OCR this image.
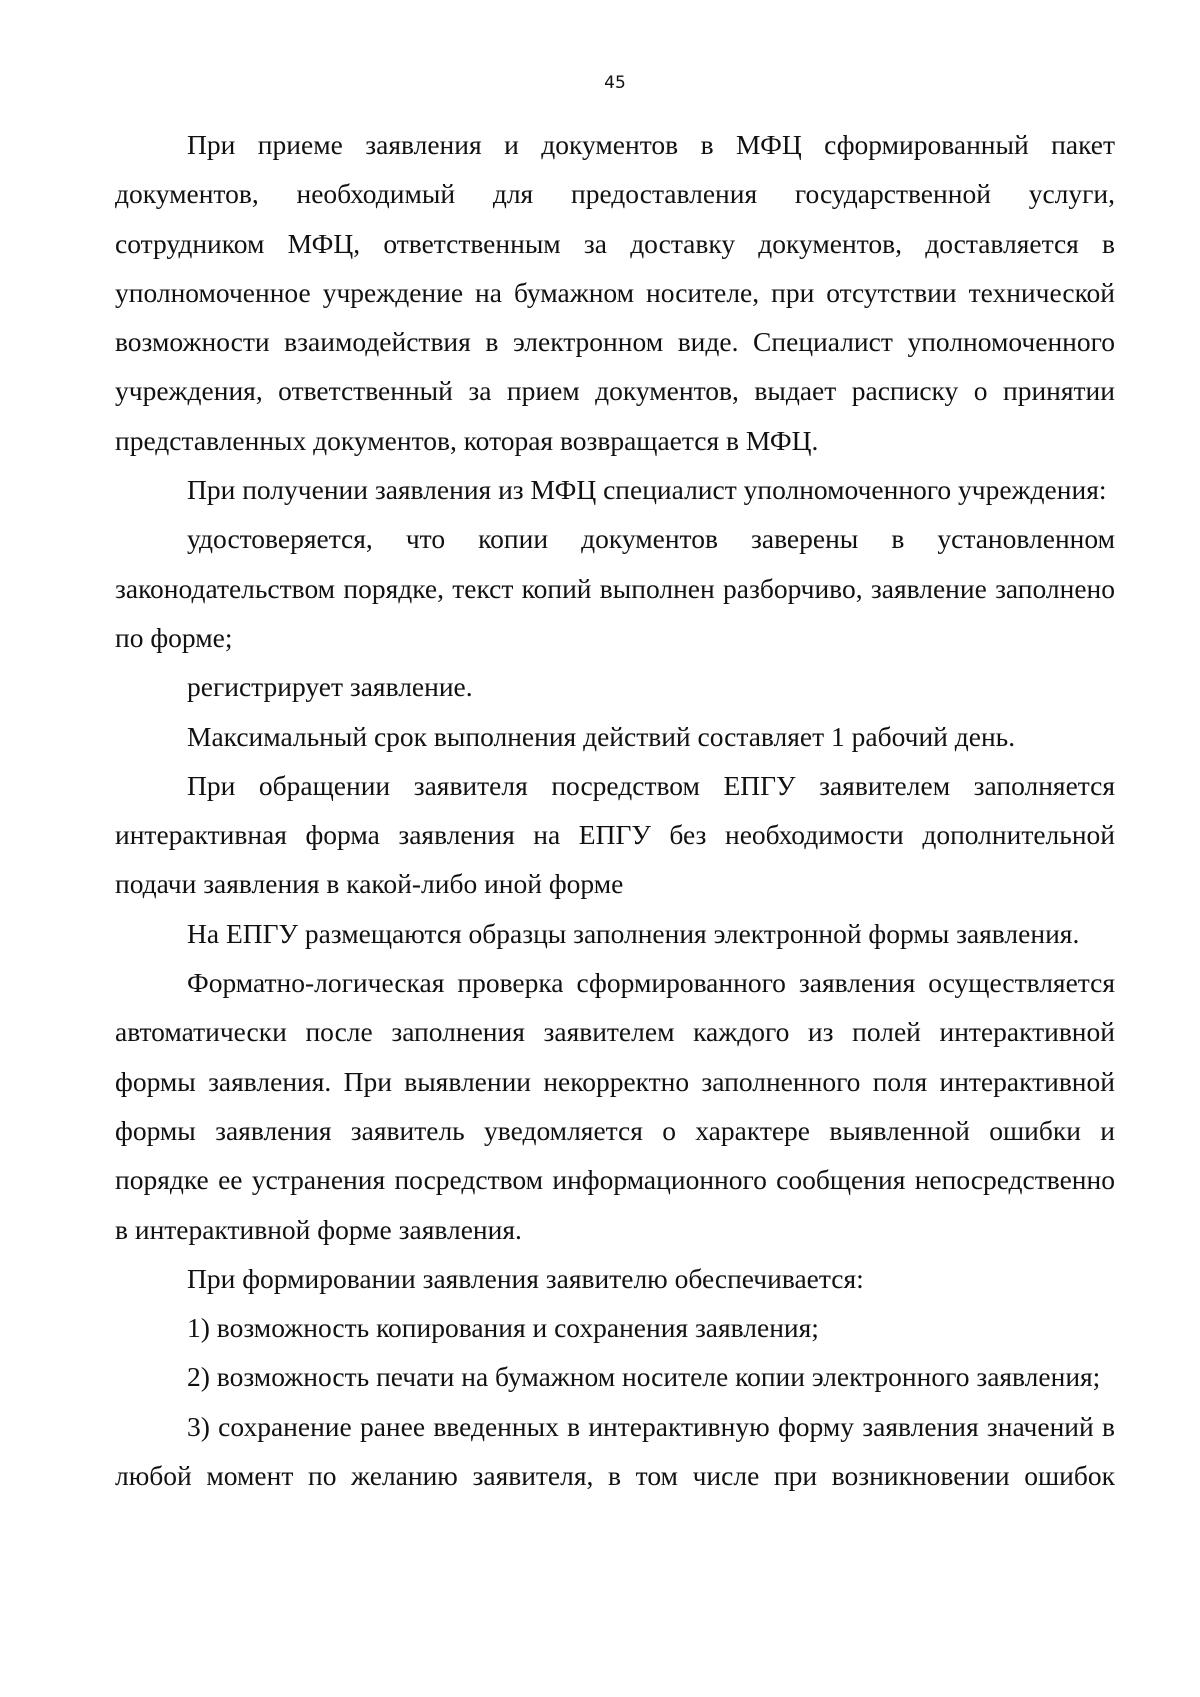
45

При приеме заявления и документов в МФЦ сформированный пакет документов, необходимый для предоставления государственной услуги, сотрудником МФЦ, ответственным за доставку документов, доставляется в уполномоченное учреждение на бумажном носителе, при отсутствии технической возможности взаимодействия в электронном виде. Специалист уполномоченного учреждения, ответственный за прием документов, выдает расписку о принятии представленных документов, которая возвращается в МФЦ.

При получении заявления из МФЦ специалист уполномоченного учреждения:

удостоверяется, что копии документов заверены в установленном законодательством порядке, текст копий выполнен разборчиво, заявление заполнено по форме;

регистрирует заявление.

Максимальный срок выполнения действий составляет 1 рабочий день.

При обращении заявителя посредством ЕПГУ заявителем заполняется интерактивная форма заявления на ЕПГУ без необходимости дополнительной подачи заявления в какой-либо иной форме

На ЕПГУ размещаются образцы заполнения электронной формы заявления.

Форматно-логическая проверка сформированного заявления осуществляется автоматически после заполнения заявителем каждого из полей интерактивной формы заявления. При выявлении некорректно заполненного поля интерактивной формы заявления заявитель уведомляется о характере выявленной ошибки и порядке ее устранения посредством информационного сообщения непосредственно в интерактивной форме заявления.

При формировании заявления заявителю обеспечивается:

1) возможность копирования и сохранения заявления;

2) возможность печати на бумажном носителе копии электронного заявления;

3) сохранение ранее введенных в интерактивную форму заявления значений в любой момент по желанию заявителя, в том числе при возникновении ошибок
